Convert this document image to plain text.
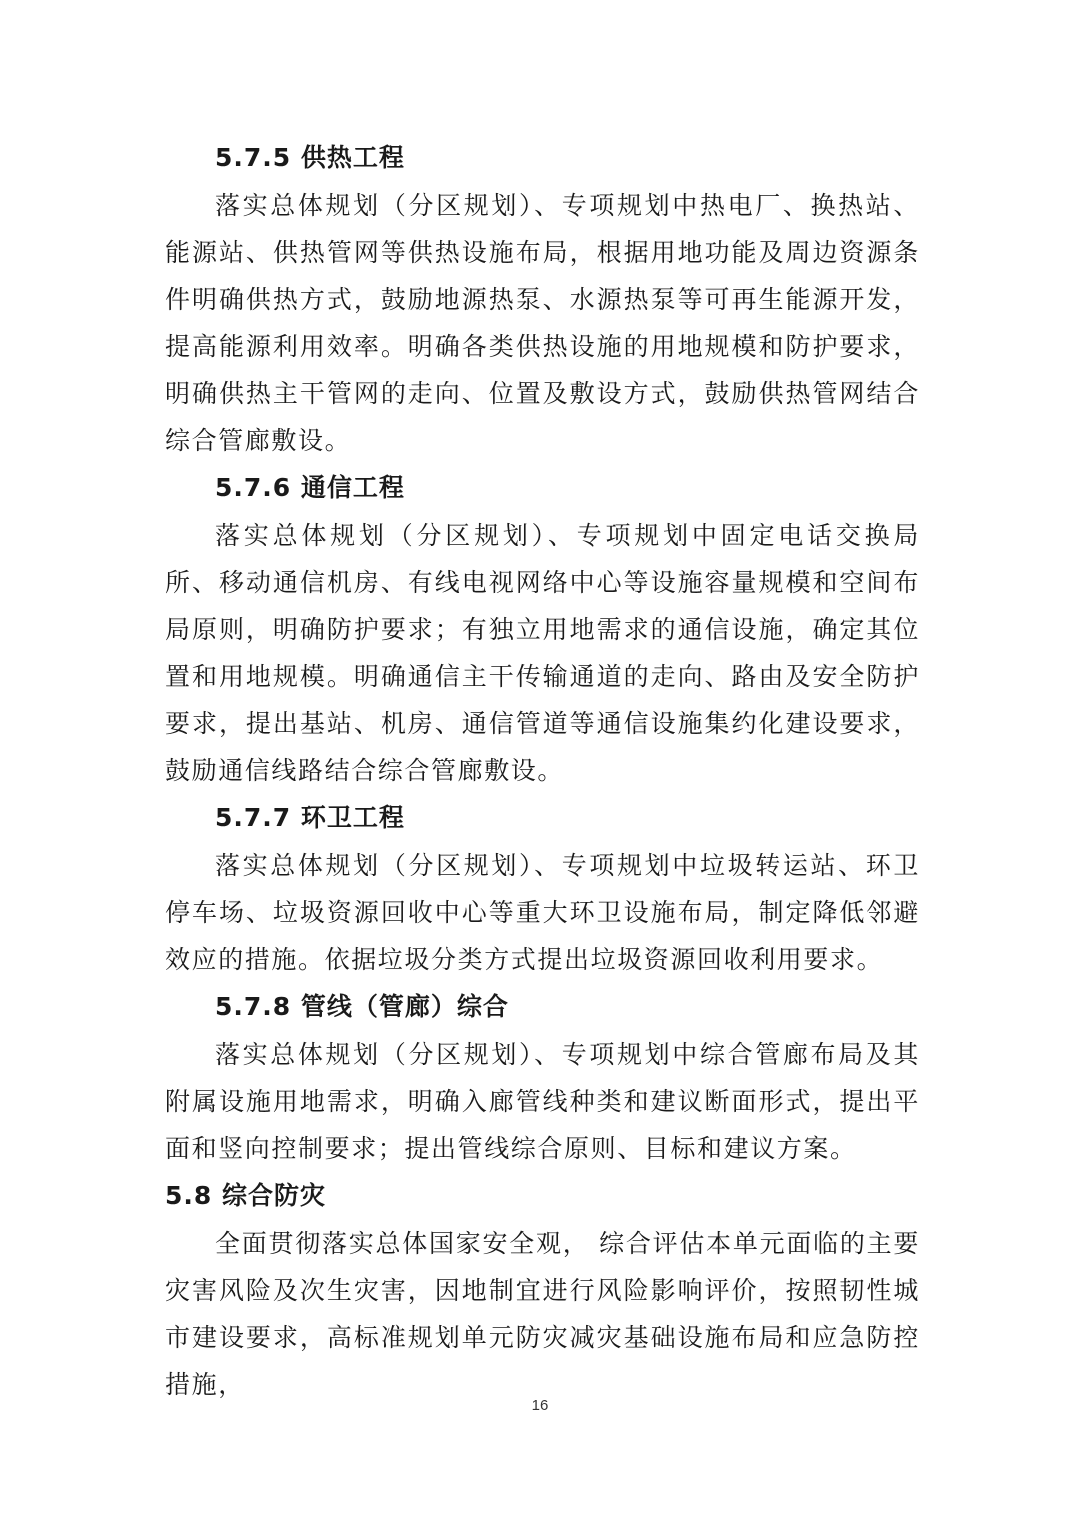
5.7.5 供热工程

落实总体规划（分区规划）、专项规划中热电厂、换热站、能源站、供热管网等供热设施布局，根据用地功能及周边资源条件明确供热方式，鼓励地源热泵、水源热泵等可再生能源开发，提高能源利用效率。明确各类供热设施的用地规模和防护要求，明确供热主干管网的走向、位置及敷设方式，鼓励供热管网结合综合管廊敷设。

5.7.6 通信工程

落实总体规划（分区规划）、专项规划中固定电话交换局所、移动通信机房、有线电视网络中心等设施容量规模和空间布局原则，明确防护要求；有独立用地需求的通信设施，确定其位置和用地规模。明确通信主干传输通道的走向、路由及安全防护要求，提出基站、机房、通信管道等通信设施集约化建设要求，鼓励通信线路结合综合管廊敷设。

5.7.7 环卫工程

落实总体规划（分区规划）、专项规划中垃圾转运站、环卫停车场、垃圾资源回收中心等重大环卫设施布局，制定降低邻避效应的措施。依据垃圾分类方式提出垃圾资源回收利用要求。

5.7.8 管线（管廊）综合

落实总体规划（分区规划）、专项规划中综合管廊布局及其附属设施用地需求，明确入廊管线种类和建议断面形式，提出平面和竖向控制要求；提出管线综合原则、目标和建议方案。

5.8 综合防灾

全面贯彻落实总体国家安全观， 综合评估本单元面临的主要灾害风险及次生灾害，因地制宜进行风险影响评价，按照韧性城市建设要求，高标准规划单元防灾减灾基础设施布局和应急防控措施，

16
